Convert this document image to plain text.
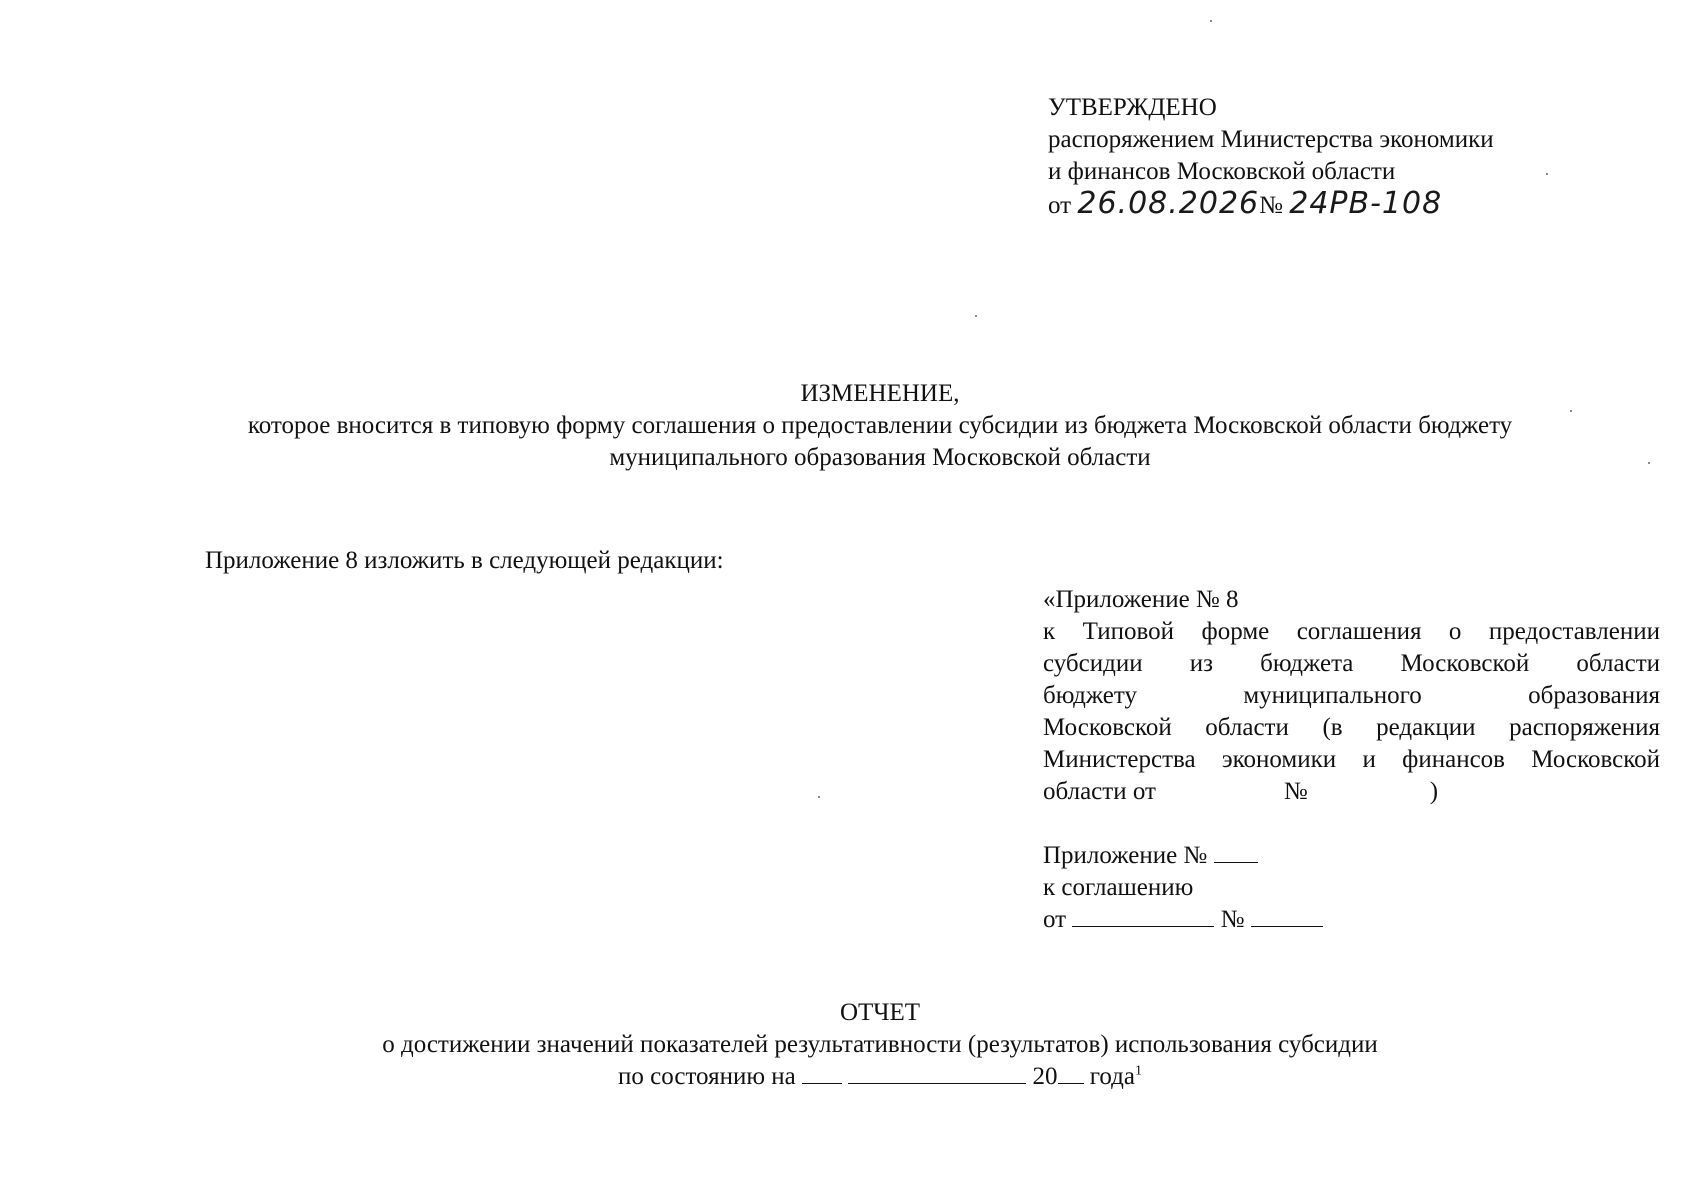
УТВЕРЖДЕНО
распоряжением Министерства экономики
и финансов Московской области
от 26.08.2026№ 24РВ-108
ИЗМЕНЕНИЕ,
которое вносится в типовую форму соглашения о предоставлении субсидии из бюджета Московской области бюджету
муниципального образования Московской области
Приложение 8 изложить в следующей редакции:
«Приложение № 8
к Типовой форме соглашения о предоставлении
субсидии из бюджета Московской области
бюджету муниципального образования
Московской области (в редакции распоряжения
Министерства экономики и финансов Московской
области от	№	)
Приложение №
к соглашению
от	№
ОТЧЕТ
о достижении значений показателей результативности (результатов) использования субсидии
по состоянию на	20 года$^1$
